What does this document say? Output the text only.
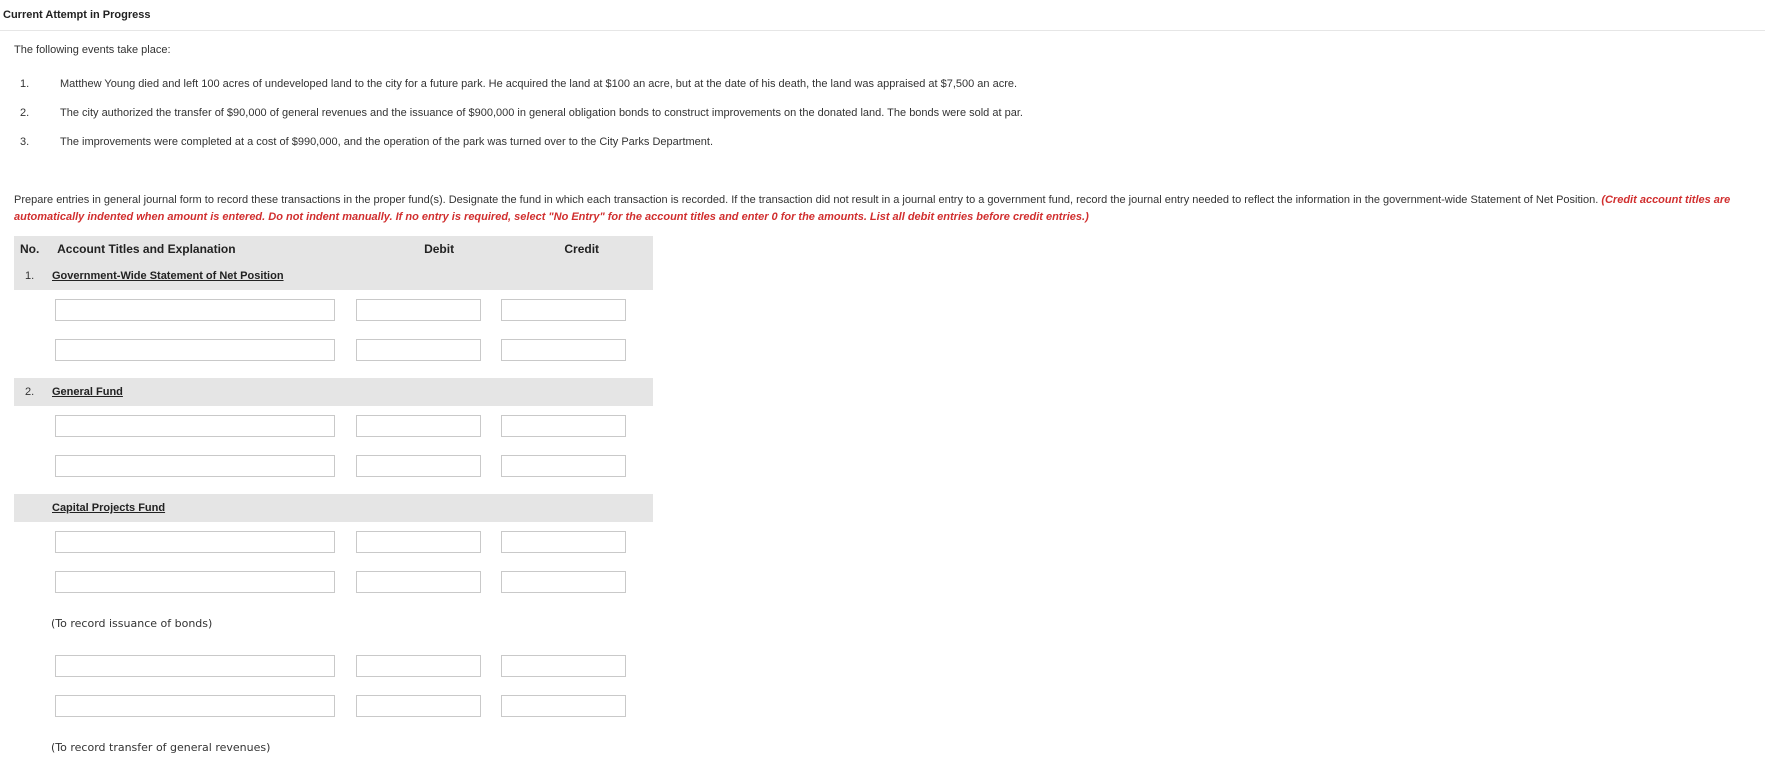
Current Attempt in Progress
The following events take place:
1.	Matthew Young died and left 100 acres of undeveloped land to the city for a future park. He acquired the land at $100 an acre, but at the date of his death, the land was appraised at $7,500 an acre.
2.	The city authorized the transfer of $90,000 of general revenues and the issuance of $900,000 in general obligation bonds to construct improvements on the donated land. The bonds were sold at par.
3.	The improvements were completed at a cost of $990,000, and the operation of the park was turned over to the City Parks Department.
Prepare entries in general journal form to record these transactions in the proper fund(s). Designate the fund in which each transaction is recorded. If the transaction did not result in a journal entry to a government fund, record the journal entry needed to reflect the information in the government-wide Statement of Net Position. (Credit account titles are automatically indented when amount is entered. Do not indent manually. If no entry is required, select "No Entry" for the account titles and enter 0 for the amounts. List all debit entries before credit entries.)
No.	Account Titles and Explanation	Debit	Credit
1.	Government-Wide Statement of Net Position
2.	General Fund
Capital Projects Fund
(To record issuance of bonds)
(To record transfer of general revenues)
